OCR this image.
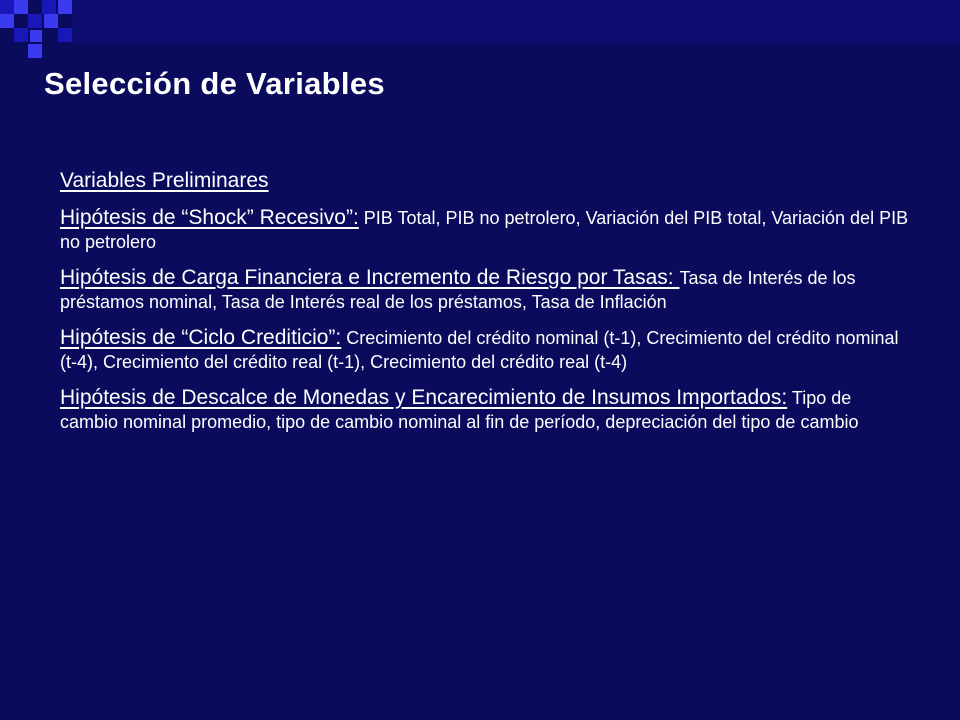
Selección de Variables

Variables Preliminares

Hipótesis de “Shock” Recesivo”: PIB Total, PIB no petrolero, Variación del PIB total, Variación del PIB no petrolero

Hipótesis de Carga Financiera e Incremento de Riesgo por Tasas: Tasa de Interés de los préstamos nominal, Tasa de Interés real de los préstamos, Tasa de Inflación

Hipótesis de “Ciclo Crediticio”: Crecimiento del crédito nominal (t-1), Crecimiento del crédito nominal (t-4), Crecimiento del crédito real (t-1), Crecimiento del crédito real (t-4)

Hipótesis de Descalce de Monedas y Encarecimiento de Insumos Importados: Tipo de cambio nominal promedio, tipo de cambio nominal al fin de período, depreciación del tipo de cambio
